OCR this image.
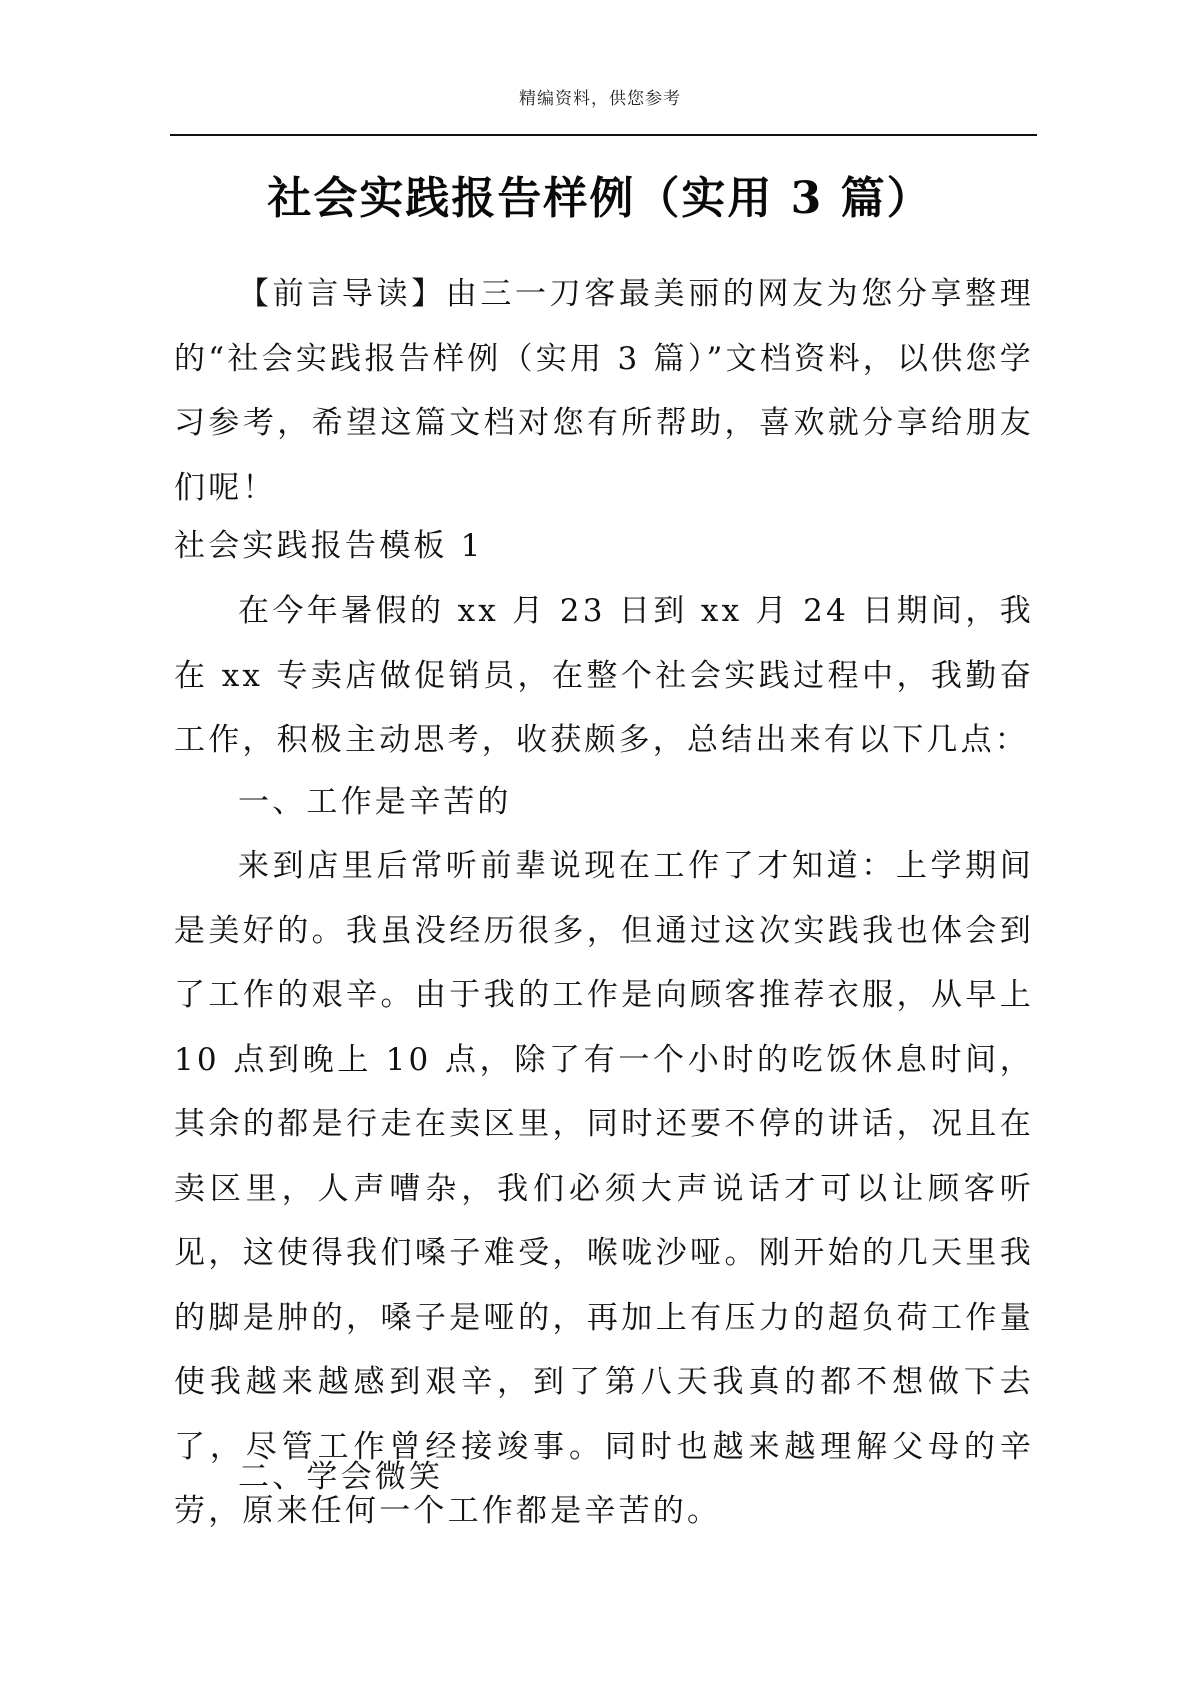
精编资料，供您参考
社会实践报告样例（实用 3 篇）

【前言导读】由三一刀客最美丽的网友为您分享整理的“社会实践报告样例（实用 3 篇）”文档资料，以供您学习参考，希望这篇文档对您有所帮助，喜欢就分享给朋友们呢！

社会实践报告模板 1

在今年暑假的 xx 月 23 日到 xx 月 24 日期间，我在 xx 专卖店做促销员，在整个社会实践过程中，我勤奋工作，积极主动思考，收获颇多，总结出来有以下几点：

一、工作是辛苦的

来到店里后常听前辈说现在工作了才知道：上学期间是美好的。我虽没经历很多，但通过这次实践我也体会到了工作的艰辛。由于我的工作是向顾客推荐衣服，从早上 10 点到晚上 10 点，除了有一个小时的吃饭休息时间，其余的都是行走在卖区里，同时还要不停的讲话，况且在卖区里，人声嘈杂，我们必须大声说话才可以让顾客听见，这使得我们嗓子难受，喉咙沙哑。刚开始的几天里我的脚是肿的，嗓子是哑的，再加上有压力的超负荷工作量使我越来越感到艰辛，到了第八天我真的都不想做下去了，尽管工作曾经接竣事。同时也越来越理解父母的辛劳，原来任何一个工作都是辛苦的。

二、学会微笑
